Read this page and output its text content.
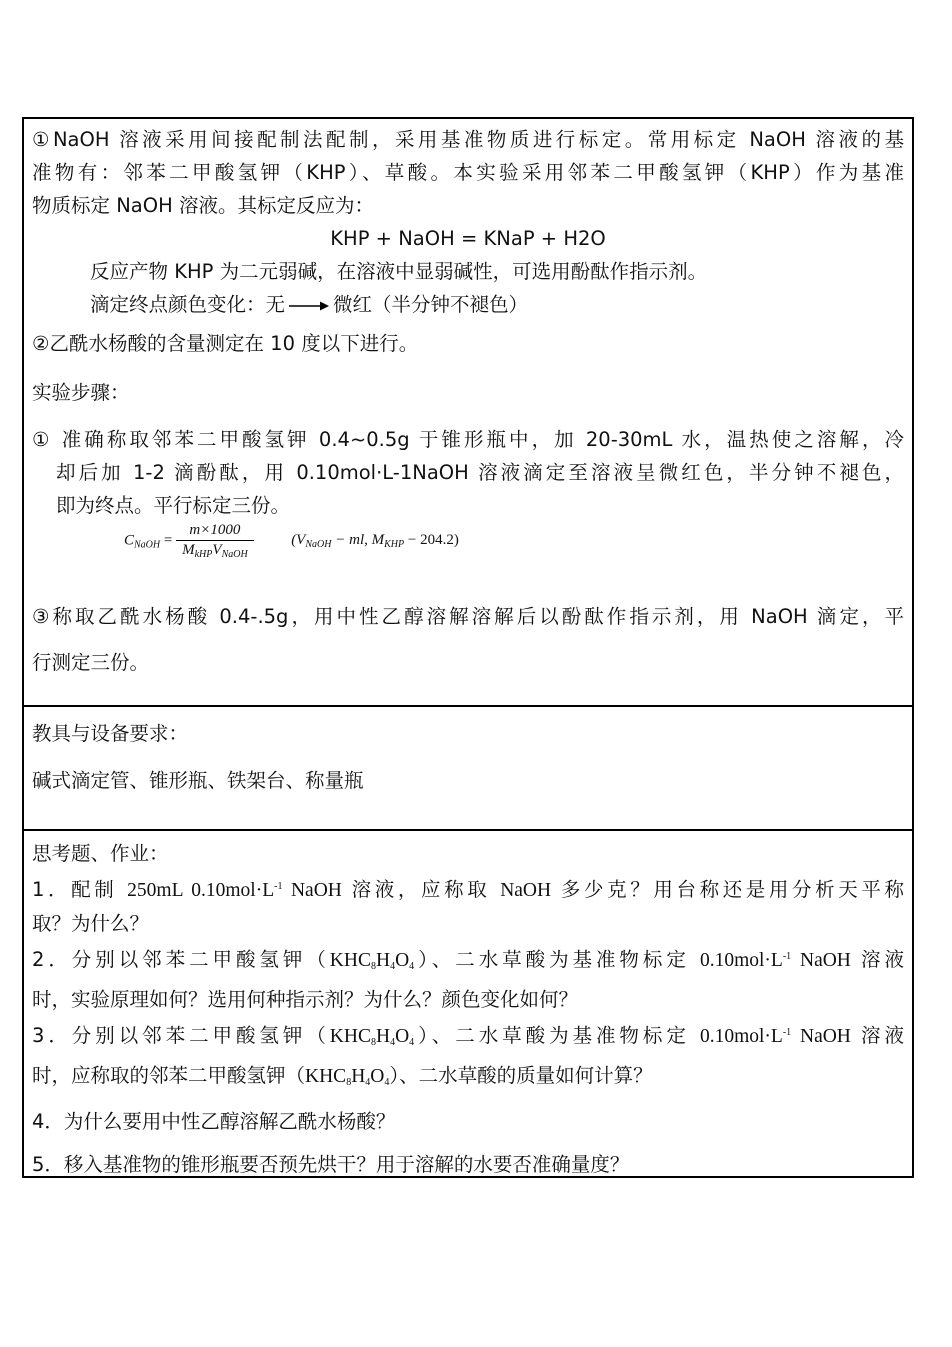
①NaOH 溶液采用间接配制法配制，采用基准物质进行标定。常用标定 NaOH 溶液的基
准物有：邻苯二甲酸氢钾（KHP）、草酸。本实验采用邻苯二甲酸氢钾（KHP）作为基准
物质标定 NaOH 溶液。其标定反应为：
KHP + NaOH = KNaP + H2O
反应产物 KHP 为二元弱碱，在溶液中显弱碱性，可选用酚酞作指示剂。
滴定终点颜色变化：无 微红（半分钟不褪色）
②乙酰水杨酸的含量测定在 10 度以下进行。
实验步骤：
① 准确称取邻苯二甲酸氢钾 0.4~0.5g 于锥形瓶中，加 20-30mL 水，温热使之溶解，冷
却后加 1-2 滴酚酞，用 0.10mol·L-1NaOH 溶液滴定至溶液呈微红色，半分钟不褪色，
即为终点。平行标定三份。
$C_{NaOH} = \frac{m\times 1000}{M_{kHP}V_{NaOH}}$	($V_{NaOH}$ − ml, $M_{KHP} - 204.2$)
③称取乙酰水杨酸 0.4-.5g，用中性乙醇溶解溶解后以酚酞作指示剂，用 NaOH 滴定，平
行测定三份。
教具与设备要求：
碱式滴定管、锥形瓶、铁架台、称量瓶
思考题、作业：
1．配制 250mL $0.10mol\cdot L^{-1}$ NaOH 溶液，应称取 NaOH 多少克？用台称还是用分析天平称
取？为什么？
2．分别以邻苯二甲酸氢钾$(KHC_8H_4O_4)$、二水草酸为基准物标定 $0.10mol\cdot L^{-1}$ NaOH 溶液
时，实验原理如何？选用何种指示剂？为什么？颜色变化如何？
3．分别以邻苯二甲酸氢钾$(KHC_8H_4O_4)$、二水草酸为基准物标定 $0.10mol\cdot L^{-1}$ NaOH 溶液
时，应称取的邻苯二甲酸氢钾$(KHC_8H_4O_4)$、二水草酸的质量如何计算？
4．为什么要用中性乙醇溶解乙酰水杨酸？
5．移入基准物的锥形瓶要否预先烘干？用于溶解的水要否准确量度？
